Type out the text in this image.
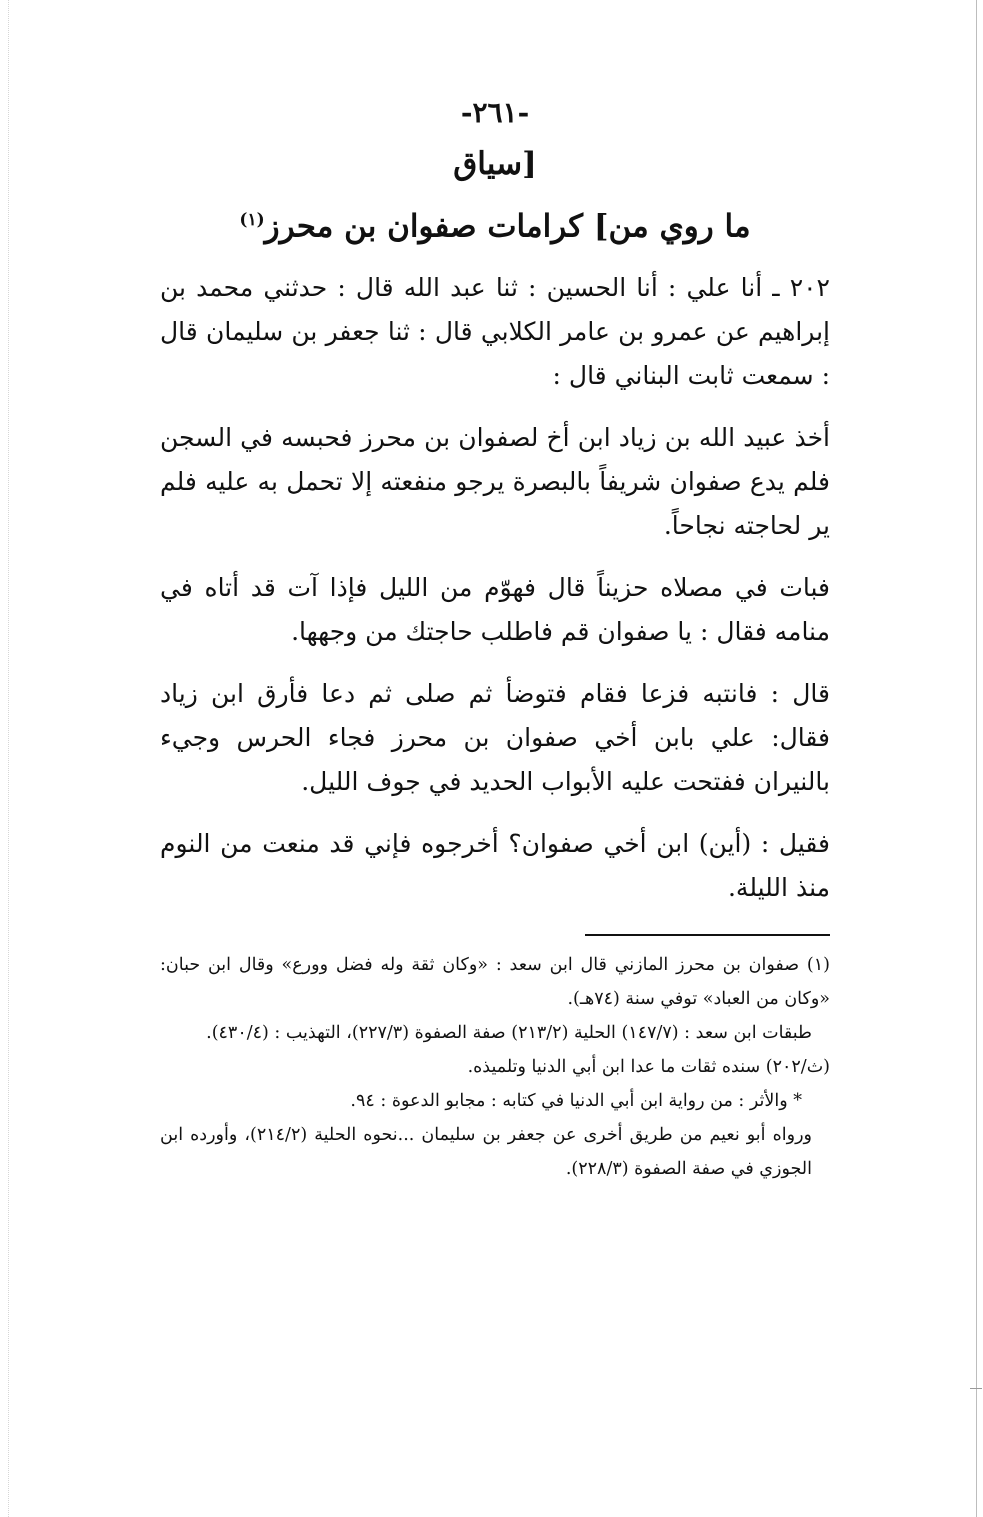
-٢٦١-
[سياق
ما روي من] كرامات صفوان بن محرز$^{(١)}$

٢٠٢ ـ أنا علي : أنا الحسين : ثنا عبد الله قال : حدثني محمد بن إبراهيم عن عمرو بن عامر الكلابي قال : ثنا جعفر بن سليمان قال : سمعت ثابت البناني قال :

أخذ عبيد الله بن زياد ابن أخ لصفوان بن محرز فحبسه في السجن فلم يدع صفوان شريفاً بالبصرة يرجو منفعته إلا تحمل به عليه فلم ير لحاجته نجاحاً.

فبات في مصلاه حزيناً قال فهوّم من الليل فإذا آت قد أتاه في منامه فقال : يا صفوان قم فاطلب حاجتك من وجهها.

قال : فانتبه فزعا فقام فتوضأ ثم صلى ثم دعا فأرق ابن زياد فقال: علي بابن أخي صفوان بن محرز فجاء الحرس وجيء بالنيران ففتحت عليه الأبواب الحديد في جوف الليل.

فقيل : (أين) ابن أخي صفوان؟ أخرجوه فإني قد منعت من النوم منذ الليلة.

(١) صفوان بن محرز المازني قال ابن سعد : «وكان ثقة وله فضل وورع» وقال ابن حبان: «وكان من العباد» توفي سنة (٧٤هـ).

طبقات ابن سعد : (١٤٧/٧) الحلية (٢١٣/٢) صفة الصفوة (٢٢٧/٣)، التهذيب : (٤٣٠/٤).

(ث/٢٠٢) سنده ثقات ما عدا ابن أبي الدنيا وتلميذه.

* والأثر : من رواية ابن أبي الدنيا في كتابه : مجابو الدعوة : ٩٤.

ورواه أبو نعيم من طريق أخرى عن جعفر بن سليمان ...نحوه الحلية (٢١٤/٢)، وأورده ابن الجوزي في صفة الصفوة (٢٢٨/٣).
